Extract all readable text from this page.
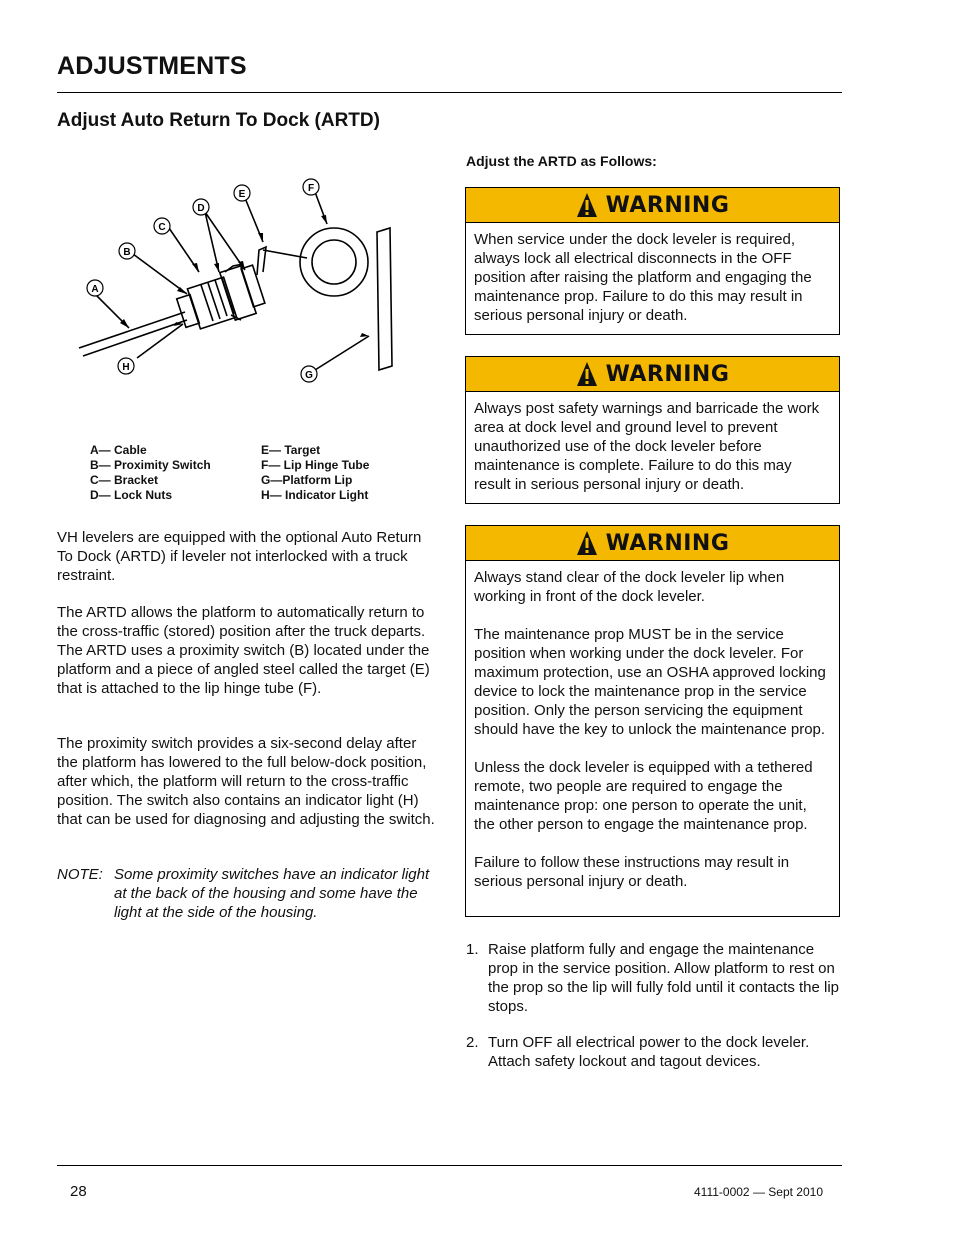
ADJUSTMENTS
Adjust Auto Return To Dock (ARTD)
A
B
C
D
E
F
G
H
A— Cable
B— Proximity Switch
C— Bracket
D— Lock Nuts
E— Target
F— Lip Hinge Tube
G—Platform Lip
H— Indicator Light
VH levelers are equipped with the optional Auto Return To Dock (ARTD) if leveler not interlocked with a truck restraint.
The ARTD allows the platform to automatically return to the cross-traffic (stored) position after the truck departs. The ARTD uses a proximity switch (B) located under the platform and a piece of angled steel called the target (E) that is attached to the lip hinge tube (F).
The proximity switch provides a six-second delay after the platform has lowered to the full below-dock position, after which, the platform will return to the cross-traffic position. The switch also contains an indicator light (H) that can be used for diagnosing and adjusting the switch.
NOTE: Some proximity switches have an indicator light at the back of the housing and some have the light at the side of the housing.
Adjust the ARTD as Follows:
WARNING

When service under the dock leveler is required, always lock all electrical disconnects in the OFF position after raising the platform and engaging the maintenance prop. Failure to do this may result in serious personal injury or death.

WARNING

Always post safety warnings and barricade the work area at dock level and ground level to prevent unauthorized use of the dock leveler before maintenance is complete. Failure to do this may result in serious personal injury or death.

WARNING

Always stand clear of the dock leveler lip when working in front of the dock leveler.

The maintenance prop MUST be in the service position when working under the dock leveler. For maximum protection, use an OSHA approved locking device to lock the maintenance prop in the service position. Only the person servicing the equipment should have the key to unlock the maintenance prop.

Unless the dock leveler is equipped with a tethered remote, two people are required to engage the maintenance prop: one person to operate the unit, the other person to engage the maintenance prop.

Failure to follow these instructions may result in serious personal injury or death.

1. Raise platform fully and engage the maintenance prop in the service position. Allow platform to rest on the prop so the lip will fully fold until it contacts the lip stops.
2. Turn OFF all electrical power to the dock leveler. Attach safety lockout and tagout devices.
28	4111-0002 — Sept 2010
